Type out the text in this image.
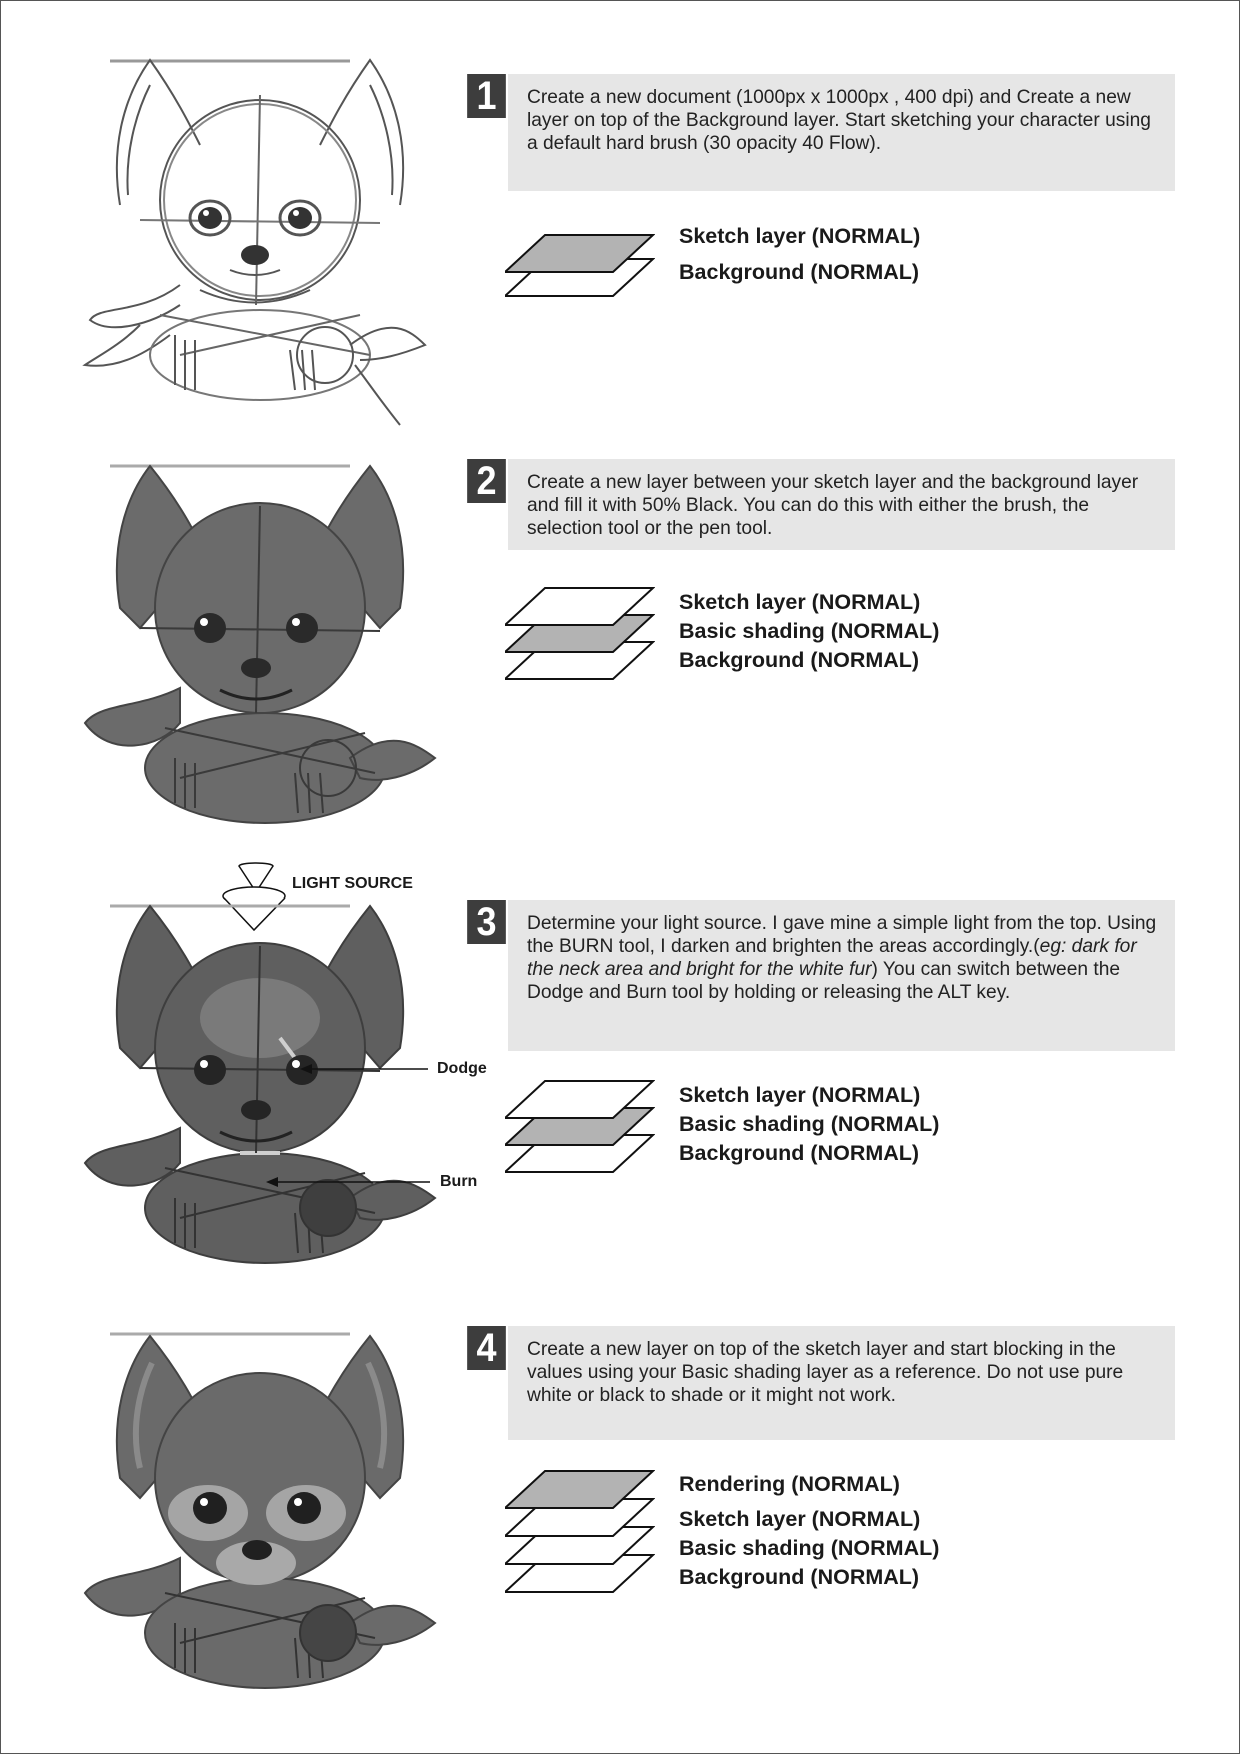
1	Create a new document (1000px x 1000px , 400 dpi) and Create a new layer on top of the Background layer. Start sketching your character using a default hard brush (30 opacity 40 Flow).

Sketch layer (NORMAL)
Background (NORMAL)
2	Create a new layer between your sketch layer and the background layer and fill it with 50% Black. You can do this with either the brush, the selection tool or the pen tool.

Sketch layer (NORMAL)
Basic shading (NORMAL)
Background (NORMAL)
LIGHT SOURCE
Dodge
Burn
3	Determine your light source. I gave mine a simple light from the top. Using the BURN tool, I darken and brighten the areas accordingly.(eg: dark for the neck area and bright for the white fur) You can switch between the Dodge and Burn tool by holding or releasing the ALT key.

Sketch layer (NORMAL)
Basic shading (NORMAL)
Background (NORMAL)
4	Create a new layer on top of the sketch layer and start blocking in the values using your Basic shading layer as a reference. Do not use pure white or black to shade or it might not work.

Rendering (NORMAL)
Sketch layer (NORMAL)
Basic shading (NORMAL)
Background (NORMAL)
